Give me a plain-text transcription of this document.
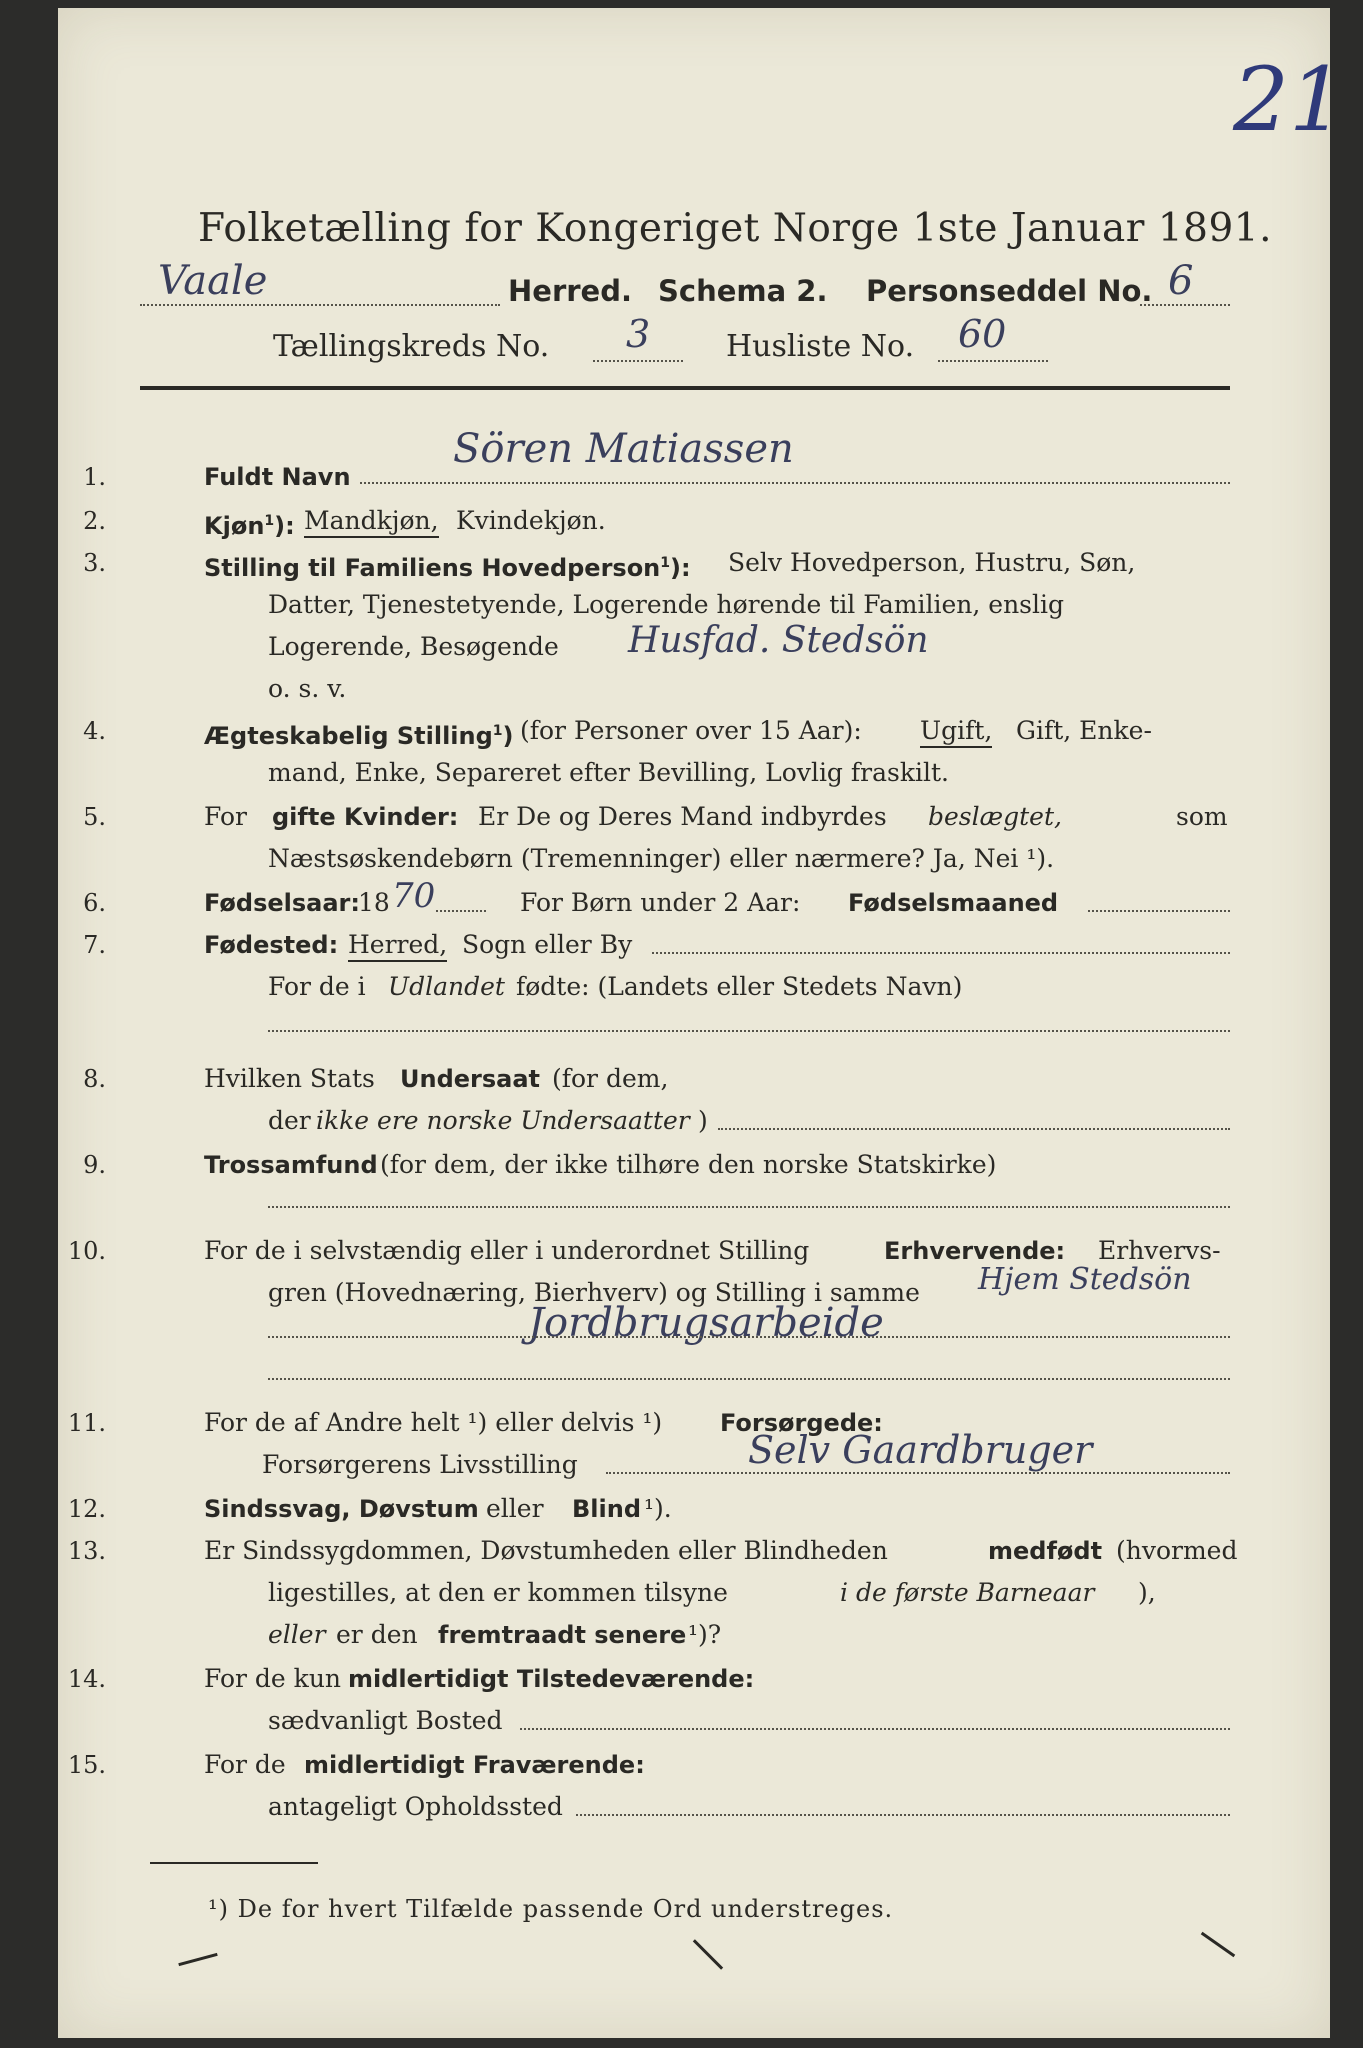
21
Folketælling for Kongeriget Norge 1ste Januar 1891.
Vaale	Herred. Schema 2. Personseddel No. 6
Tællingskreds No. 3	Husliste No. 60
1.	Fuldt Navn
Sören Matiassen
2.	Kjøn$^1$): Mandkjøn, Kvindekjøn.
3.	Stilling til Familiens Hovedperson$^1$): Selv Hovedperson, Hustru, Søn,
Datter, Tjenestetyende, Logerende hørende til Familien, enslig
Logerende, Besøgende Husfad. Stedsön
o. s. v.
4.	Ægteskabelig Stilling$^1$) (for Personer over 15 Aar): Ugift, Gift, Enke-
mand, Enke, Separeret efter Bevilling, Lovlig fraskilt.
5.	For gifte Kvinder: Er De og Deres Mand indbyrdes beslægtet,	som
Næstsøskendebørn (Tremenninger) eller nærmere? Ja, Nei ¹).
6.	Fødselsaar:
18 70	For Børn under 2 Aar: Fødselsmaaned
7.	Fødested: Herred, Sogn eller By
For de i Udlandet fødte: (Landets eller Stedets Navn)
8.	Hvilken Stats Undersaat (for dem,
der ikke ere norske Undersaatter )
9.	Trossamfund (for dem, der ikke tilhøre den norske Statskirke)
10.	For de i selvstændig eller i underordnet Stilling	Erhvervende: Erhvervs-
gren (Hovednæring, Bierhverv) og Stilling i samme Hjem Stedsön
Jordbrugsarbeide
11.	For de af Andre helt ¹) eller delvis ¹) Forsørgede:
Forsørgerens Livsstilling	Selv Gaardbruger
12.	Sindssvag, Døvstum eller Blind ¹).
13.	Er Sindssygdommen, Døvstumheden eller Blindheden	medfødt (hvormed
ligestilles, at den er kommen tilsyne	i de første Barneaar ),
eller er den fremtraadt senere ¹)?
14.	For de kun midlertidigt Tilstedeværende:
sædvanligt Bosted
15.	For de midlertidigt Fraværende:
antageligt Opholdssted
¹) De for hvert Tilfælde passende Ord understreges.
